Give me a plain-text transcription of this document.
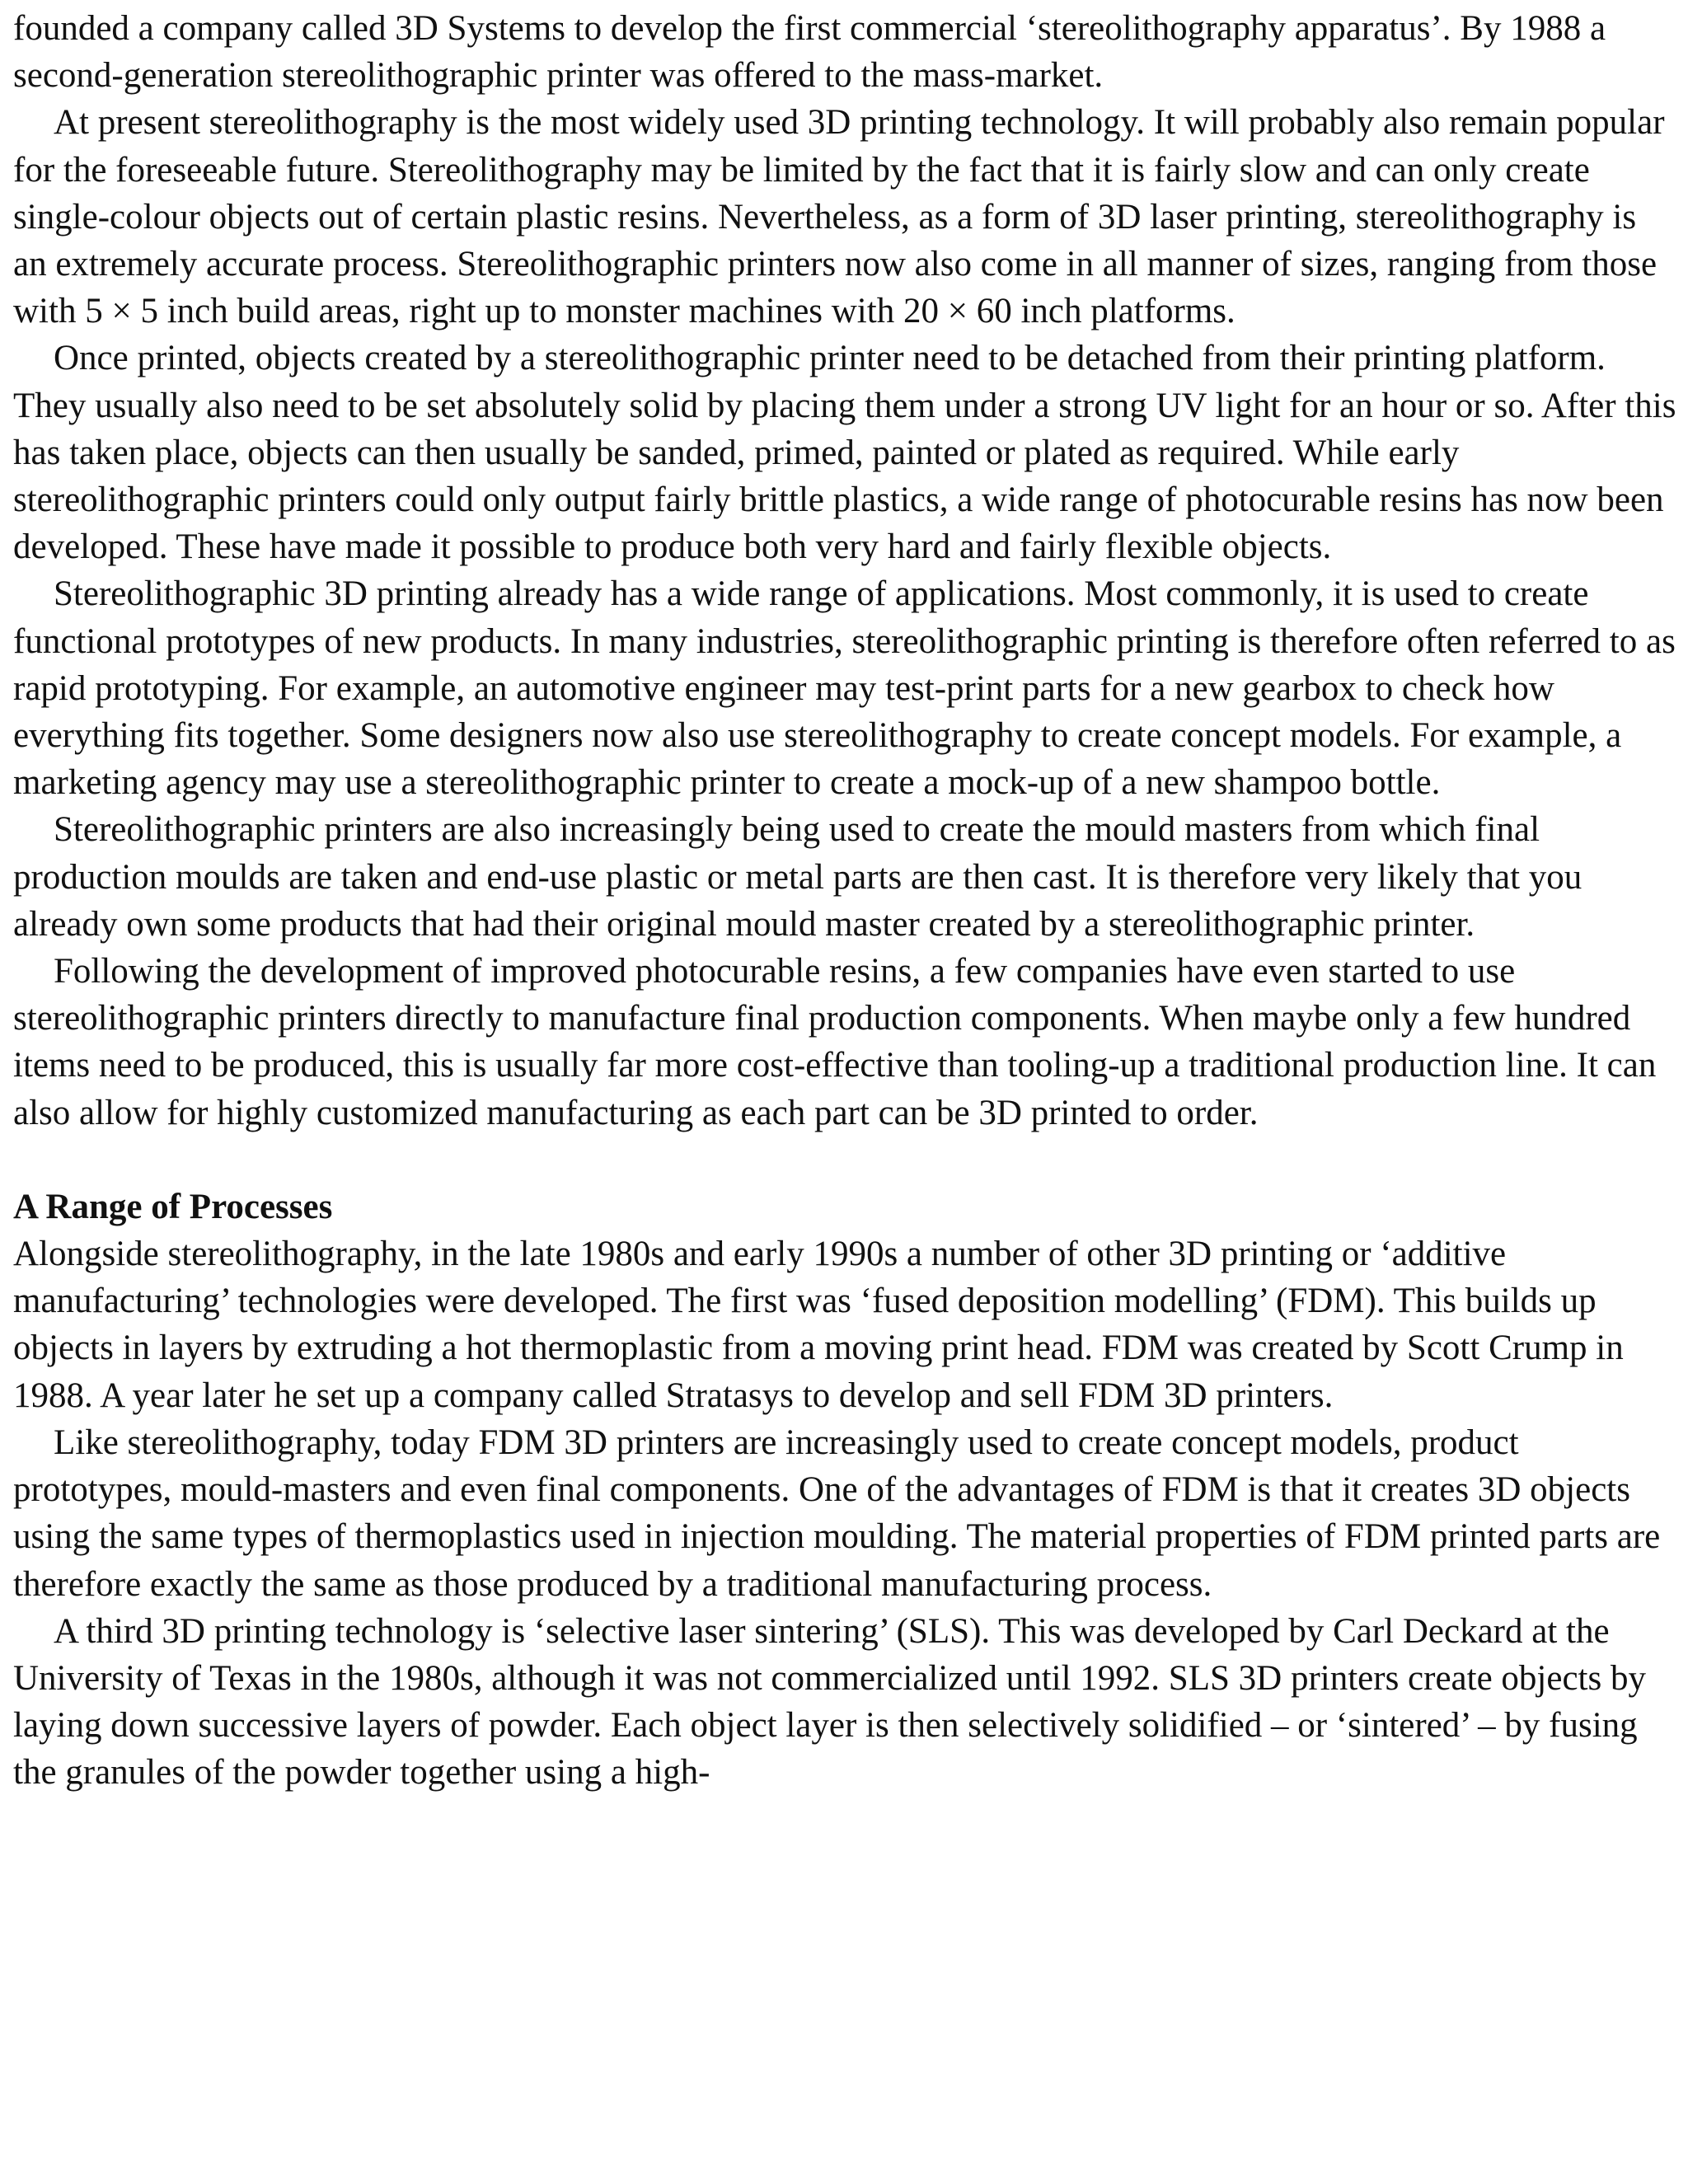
founded a company called 3D Systems to develop the first commercial ‘stereolithography apparatus’. By 1988 a second-generation stereolithographic printer was offered to the mass-market.

At present stereolithography is the most widely used 3D printing technology. It will probably also remain popular for the foreseeable future. Stereolithography may be limited by the fact that it is fairly slow and can only create single-colour objects out of certain plastic resins. Nevertheless, as a form of 3D laser printing, stereolithography is an extremely accurate process. Stereolithographic printers now also come in all manner of sizes, ranging from those with 5 × 5 inch build areas, right up to monster machines with 20 × 60 inch platforms.

Once printed, objects created by a stereolithographic printer need to be detached from their printing platform. They usually also need to be set absolutely solid by placing them under a strong UV light for an hour or so. After this has taken place, objects can then usually be sanded, primed, painted or plated as required. While early stereolithographic printers could only output fairly brittle plastics, a wide range of photocurable resins has now been developed. These have made it possible to produce both very hard and fairly flexible objects.

Stereolithographic 3D printing already has a wide range of applications. Most commonly, it is used to create functional prototypes of new products. In many industries, stereolithographic printing is therefore often referred to as rapid prototyping. For example, an automotive engineer may test-print parts for a new gearbox to check how everything fits together. Some designers now also use stereolithography to create concept models. For example, a marketing agency may use a stereolithographic printer to create a mock-up of a new shampoo bottle.

Stereolithographic printers are also increasingly being used to create the mould masters from which final production moulds are taken and end-use plastic or metal parts are then cast. It is therefore very likely that you already own some products that had their original mould master created by a stereolithographic printer.

Following the development of improved photocurable resins, a few companies have even started to use stereolithographic printers directly to manufacture final production components. When maybe only a few hundred items need to be produced, this is usually far more cost-effective than tooling-up a traditional production line. It can also allow for highly customized manufacturing as each part can be 3D printed to order.

A Range of Processes

Alongside stereolithography, in the late 1980s and early 1990s a number of other 3D printing or ‘additive manufacturing’ technologies were developed. The first was ‘fused deposition modelling’ (FDM). This builds up objects in layers by extruding a hot thermoplastic from a moving print head. FDM was created by Scott Crump in 1988. A year later he set up a company called Stratasys to develop and sell FDM 3D printers.

Like stereolithography, today FDM 3D printers are increasingly used to create concept models, product prototypes, mould-masters and even final components. One of the advantages of FDM is that it creates 3D objects using the same types of thermoplastics used in injection moulding. The material properties of FDM printed parts are therefore exactly the same as those produced by a traditional manufacturing process.

A third 3D printing technology is ‘selective laser sintering’ (SLS). This was developed by Carl Deckard at the University of Texas in the 1980s, although it was not commercialized until 1992. SLS 3D printers create objects by laying down successive layers of powder. Each object layer is then selectively solidified – or ‘sintered’ – by fusing the granules of the powder together using a high-
